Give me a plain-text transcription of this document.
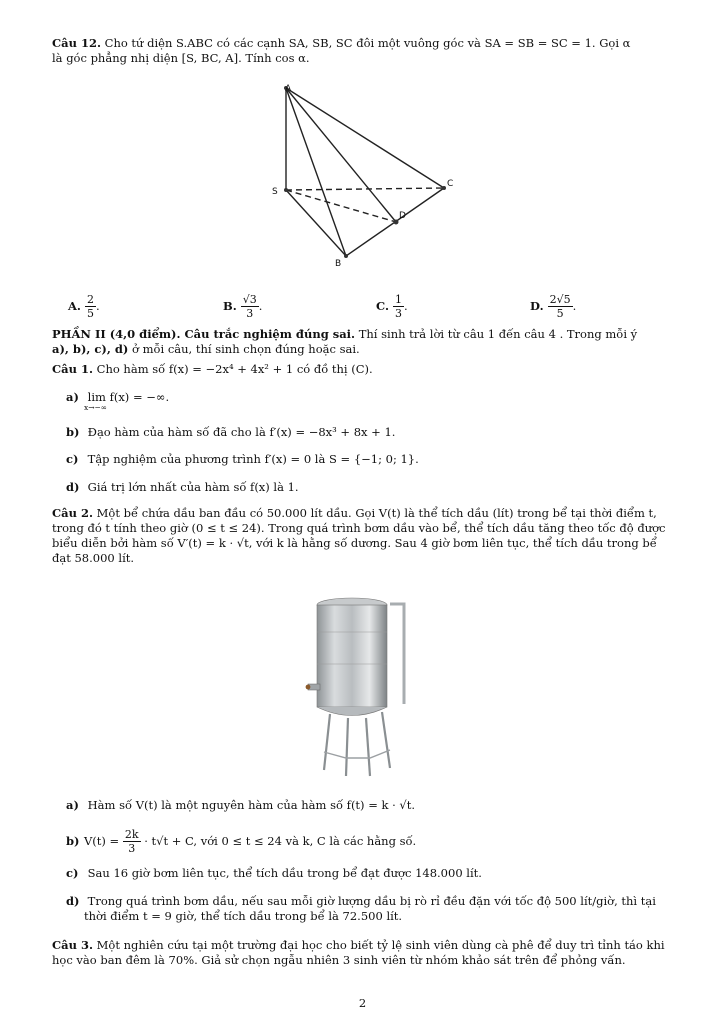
Câu 12. Cho tứ diện S.ABC có các cạnh SA, SB, SC đôi một vuông góc và SA = SB = SC = 1. Gọi α
là góc phẳng nhị diện [S, BC, A]. Tính cos α.

A
S
C
D
B
A. $\frac{2}{5}$ .	B. $\frac{√3}{3}$ .	C. $\frac{1}{3}$ .	D. $\frac{2√5}{5}$ .

PHẦN II (4,0 điểm). Câu trắc nghiệm đúng sai. Thí sinh trả lời từ câu 1 đến câu 4 . Trong mỗi ý
a), b), c), d) ở mỗi câu, thí sinh chọn đúng hoặc sai.

Câu 1. Cho hàm số f(x) = −2x⁴ + 4x² + 1 có đồ thị (C).

a) lim f(x) = −∞.
x→−∞
b) Đạo hàm của hàm số đã cho là f′(x) = −8x³ + 8x + 1.
c) Tập nghiệm của phương trình f′(x) = 0 là S = {−1; 0; 1}.
d) Giá trị lớn nhất của hàm số f(x) là 1.

Câu 2. Một bể chứa dầu ban đầu có 50.000 lít dầu. Gọi V(t) là thể tích dầu (lít) trong bể tại thời điểm t,
trong đó t tính theo giờ (0 ≤ t ≤ 24). Trong quá trình bơm dầu vào bể, thể tích dầu tăng theo tốc độ được
biểu diễn bởi hàm số V′(t) = k · √t, với k là hằng số dương. Sau 4 giờ bơm liên tục, thể tích dầu trong bể
đạt 58.000 lít.

a) Hàm số V(t) là một nguyên hàm của hàm số f(t) = k · √t.
b) V(t) =
$\frac{2k}{3}$
· t√t + C, với 0 ≤ t ≤ 24 và k, C là các hằng số.
c) Sau 16 giờ bơm liên tục, thể tích dầu trong bể đạt được 148.000 lít.
d) Trong quá trình bơm dầu, nếu sau mỗi giờ lượng dầu bị rò rỉ đều đặn với tốc độ 500 lít/giờ, thì tại
thời điểm t = 9 giờ, thể tích dầu trong bể là 72.500 lít.

Câu 3. Một nghiên cứu tại một trường đại học cho biết tỷ lệ sinh viên dùng cà phê để duy trì tỉnh táo khi
học vào ban đêm là 70%. Giả sử chọn ngẫu nhiên 3 sinh viên từ nhóm khảo sát trên để phỏng vấn.

2
